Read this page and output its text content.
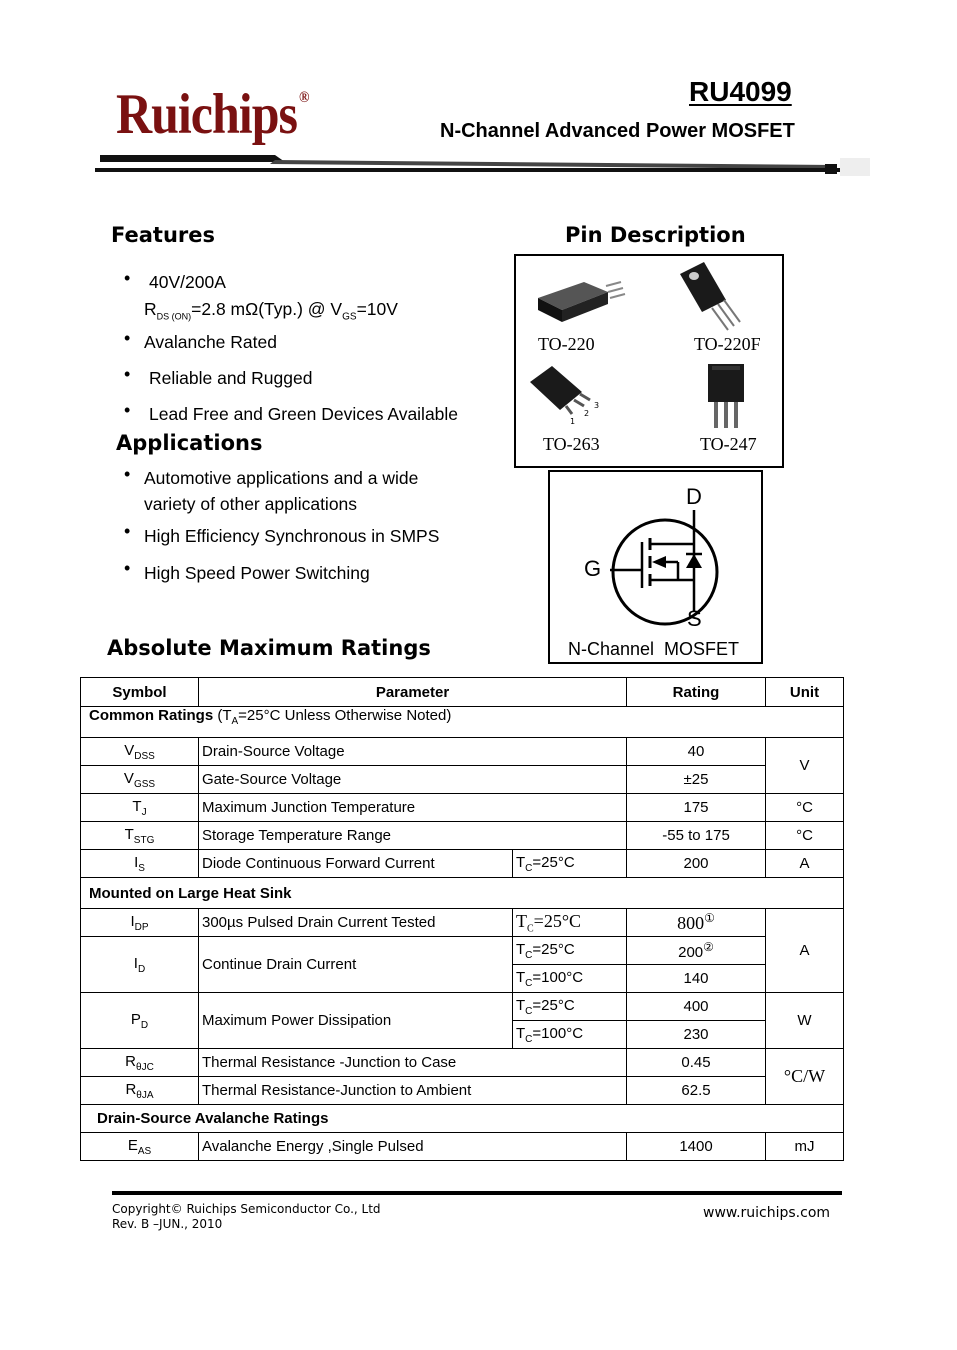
Ruichips ®	RU4099
N-Channel Advanced Power MOSFET
Features
• 40V/200A
$R_{DS (ON)}=2.8$ mΩ(Typ.) @ $V_{GS}=10V$
• Avalanche Rated
• Reliable and Rugged
• Lead Free and Green Devices Available
Applications
• Automotive applications and a wide
variety of other applications
• High Efficiency Synchronous in SMPS
• High Speed Power Switching
Pin Description
TO-220	TO-220F
1
2
3
TO-263	TO-247
D
G
S
N-Channel  MOSFET
Absolute Maximum Ratings
Symbol	Parameter		Rating	Unit
Common Ratings ($T_A=25^\circ C$ Unless Otherwise Noted)				
$V_{DSS}$	Drain-Source Voltage		40	V
$V_{GSS}$	Gate-Source Voltage		±25	
$T_J$	Maximum Junction Temperature		175	°C
$T_{STG}$	Storage Temperature Range		-55 to 175	°C
$I_S$	Diode Continuous Forward Current	$T_C=25^\circ C$	200	A
Mounted on Large Heat Sink				
$I_{DP}$	300µs Pulsed Drain Current Tested	$T_C=25^\circ C$	800①	A
$I_D$	Continue Drain Current	$T_C=25^\circ C$	200②
		$T_C=100^\circ C$	140	
$P_D$	Maximum Power Dissipation	$T_C=25^\circ C$	400	W
		$T_C=100^\circ C$	230	
$R_{\theta JC}$	Thermal Resistance -Junction to Case		0.45	°C/W
$R_{\theta JA}$	Thermal Resistance-Junction to Ambient		62.5	
Drain-Source Avalanche Ratings				
$E_{AS}$	Avalanche Energy ,Single Pulsed		1400	mJ
Copyright© Ruichips Semiconductor Co., Ltd
Rev. B –JUN., 2010
www.ruichips.com
